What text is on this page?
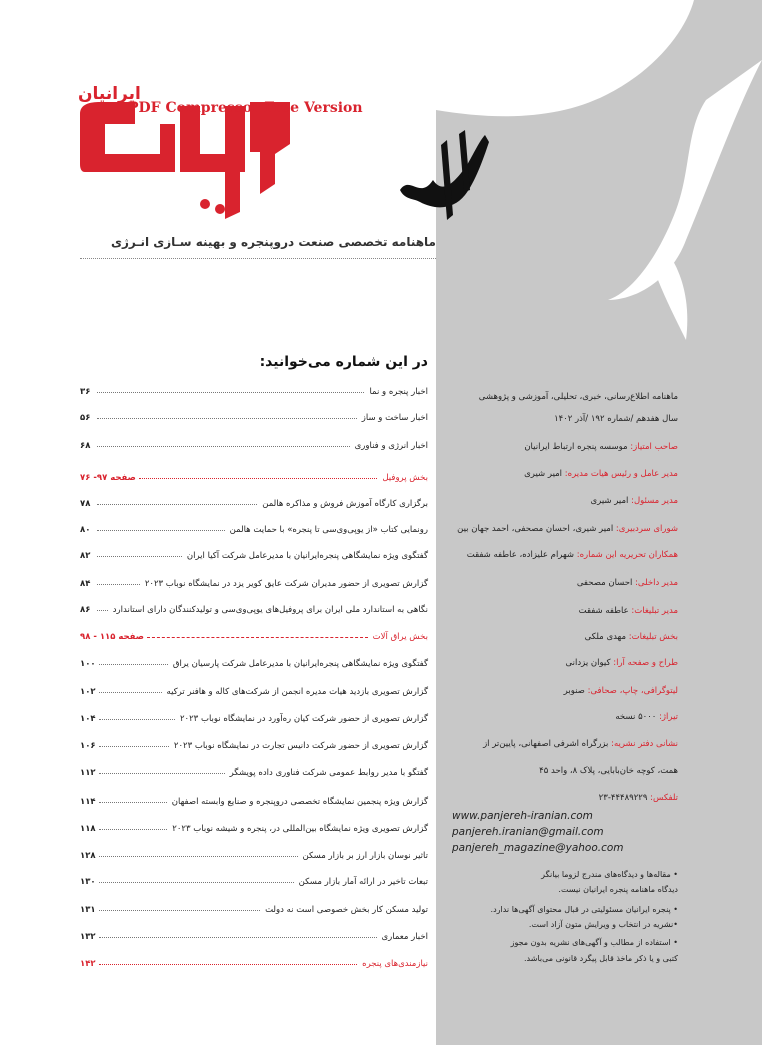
ایرانیان
PDF Compressor Free Version
ماهنامه تخصصی صنعت دروپنجره و بهینه سـازی انـرژی
در این شماره می‌خوانید:
اخبار پنجره و نما
۳۶
اخبار ساخت و ساز
۵۶
اخبار انرژی و فناوری
۶۸
بخش پروفیل
صفحه ۹۷- ۷۶
برگزاری کارگاه آموزش فروش و مذاکره هالمن
۷۸
رونمایی کتاب «از یو‌پی‌وی‌سی تا پنجره» با حمایت هالمن
۸۰
گفتگوی ویژه نمایشگاهی پنجره‌ایرانیان با مدیرعامل شرکت آکیا ایران
۸۲
گزارش تصویری از حضور مدیران شرکت عایق کویر یزد در نمایشگاه نوباب ۲۰۲۳
۸۴
نگاهی به استاندارد ملی ایران برای پروفیل‌های یو‌پی‌وی‌سی و تولیدکنندگان دارای استاندارد
۸۶
بخش یراق آلات
صفحه ۱۱۵ - ۹۸
گفتگوی ویژه نمایشگاهی پنجره‌ایرانیان با مدیرعامل شرکت پارسیان یراق
۱۰۰
گزارش تصویری بازدید هیات مدیره انجمن از شرکت‌های کاله و هافنر ترکیه
۱۰۲
گزارش تصویری از حضور شرکت کیان ره‌آورد در نمایشگاه نوباب ۲۰۲۳
۱۰۴
گزارش تصویری از حضور شرکت دانیس تجارت در نمایشگاه نوباب ۲۰۲۳
۱۰۶
گفتگو با مدیر روابط عمومی شرکت فناوری داده پویشگر
۱۱۲
گزارش ویژه پنجمین نمایشگاه تخصصی دروپنجره و صنایع وابسته اصفهان
۱۱۴
گزارش تصویری ویژه نمایشگاه بین‌المللی در، پنجره و شیشه نوباب ۲۰۲۳
۱۱۸
تاثیر نوسان بازار ارز بر بازار مسکن
۱۲۸
تبعات تاخیر در ارائه آمار بازار مسکن
۱۳۰
تولید مسکن کار بخش خصوصی است نه دولت
۱۳۱
اخبار معماری
۱۳۲
نیازمندی‌های پنجره
۱۴۲
ماهنامه اطلاع‌رسانی، خبری، تحلیلی، آموزشی و پژوهشی
سال هفدهم /شماره ۱۹۲ /آذر ۱۴۰۲
صاحب امتیاز: موسسه پنجره ارتباط ایرانیان
مدیر عامل و رئیس هیات مدیره: امیر شیری
مدیر مسئول: امیر شیری
شورای سردبیری: امیر شیری، احسان مصحفی، احمد جهان بین
همکاران تحریریه این شماره: شهرام علیزاده، عاطفه شفقت
مدیر داخلی: احسان مصحفی
مدیر تبلیغات: عاطفه شفقت
بخش تبلیغات: مهدی ملکی
طراح و صفحه آرا: کیوان یزدانی
لیتوگرافی، چاپ، صحافی: صنوبر
تیراژ: ۵۰۰۰ نسخه
نشانی دفتر نشریه: بزرگراه اشرفی اصفهانی، پایین‌تر از
همت، کوچه خان‌بابایی، پلاک ۸، واحد ۴۵
تلفکس: ۴۴۴۸۹۲۲۹-۲۳
www.panjereh-iranian.com
panjereh.iranian@gmail.com
panjereh_magazine@yahoo.com
• مقاله‌ها و دیدگاه‌های مندرج لزوما بیانگر
دیدگاه ماهنامه پنجره ایرانیان نیست.
• پنجره ایرانیان مسئولیتی در قبال محتوای آگهی‌ها ندارد.
•نشریه در انتخاب و ویرایش متون آزاد است.
• استفاده از مطالب و آگهی‌های نشریه بدون مجوز
کتبی و یا ذکر ماخذ قابل پیگرد قانونی می‌باشد.
